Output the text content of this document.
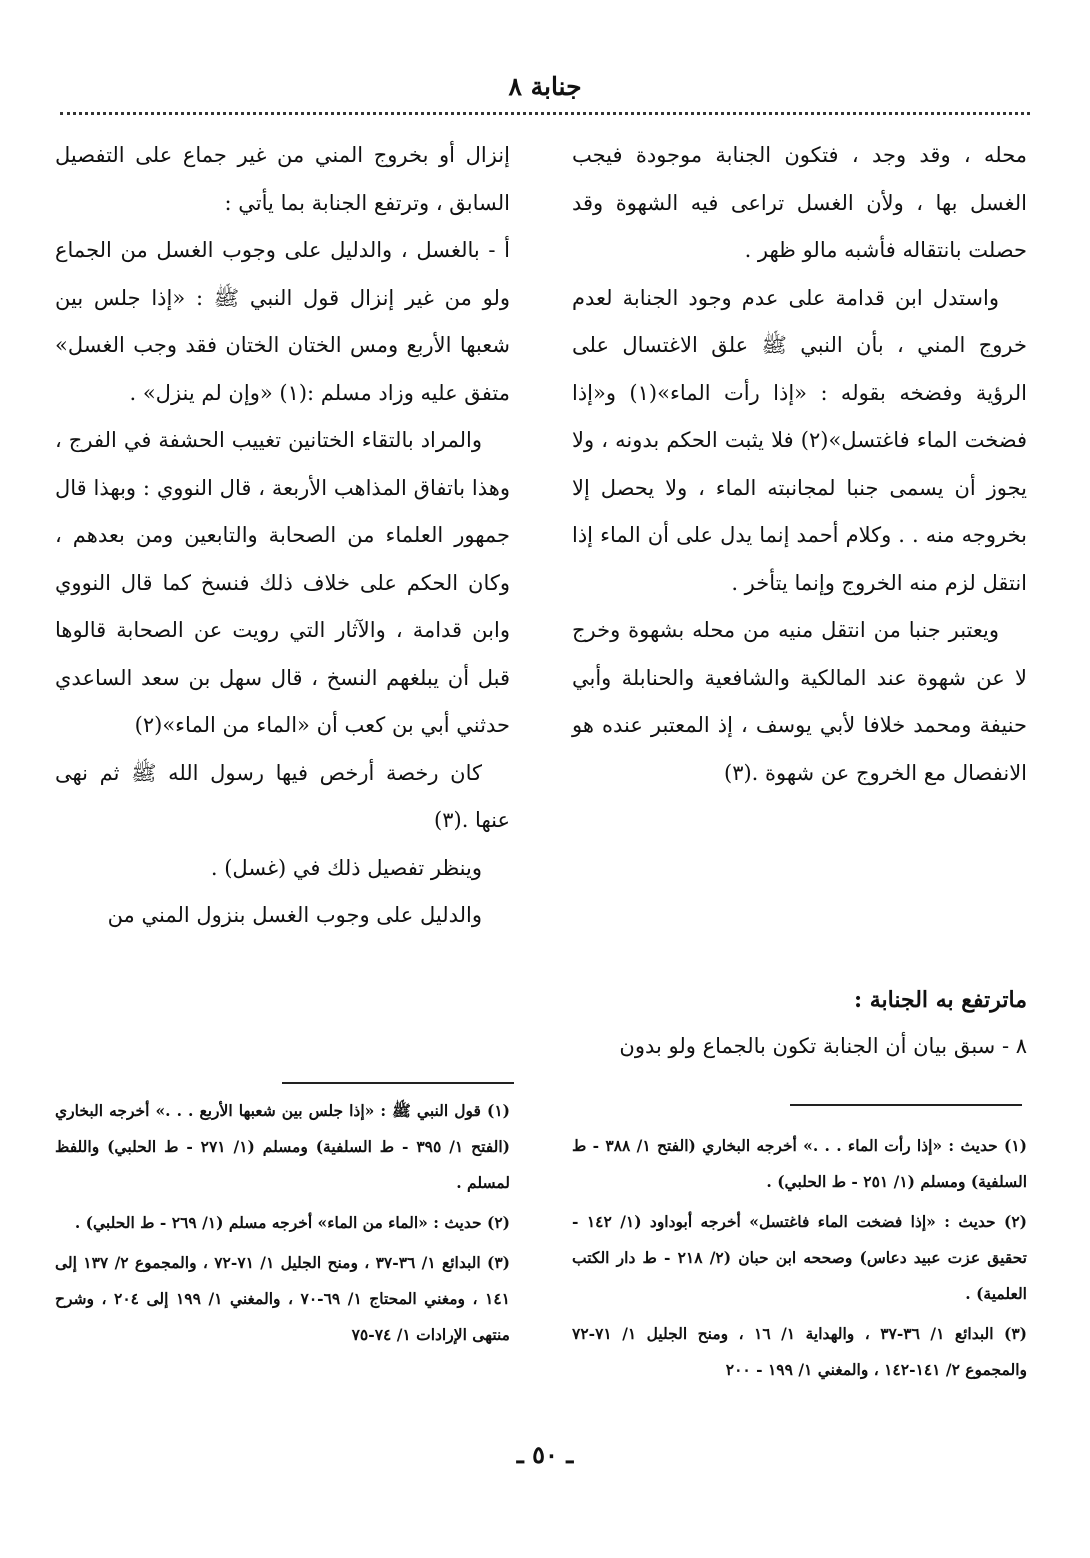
جنابة ٨

محله ، وقد وجد ، فتكون الجنابة موجودة فيجب الغسل بها ، ولأن الغسل تراعى فيه الشهوة وقد حصلت بانتقاله فأشبه مالو ظهر .

واستدل ابن قدامة على عدم وجود الجنابة لعدم خروج المني ، بأن النبي ﷺ علق الاغتسال على الرؤية وفضخه بقوله : «إذا رأت الماء»(١) و«إذا فضخت الماء فاغتسل»(٢) فلا يثبت الحكم بدونه ، ولا يجوز أن يسمى جنبا لمجانبته الماء ، ولا يحصل إلا بخروجه منه . . وكلام أحمد إنما يدل على أن الماء إذا انتقل لزم منه الخروج وإنما يتأخر .

ويعتبر جنبا من انتقل منيه من محله بشهوة وخرج لا عن شهوة عند المالكية والشافعية والحنابلة وأبي حنيفة ومحمد خلافا لأبي يوسف ، إذ المعتبر عنده هو الانفصال مع الخروج عن شهوة .(٣)

ماترتفع به الجنابة :
٨ - سبق بيان أن الجنابة تكون بالجماع ولو بدون

إنزال أو بخروج المني من غير جماع على التفصيل السابق ، وترتفع الجنابة بما يأتي :

أ - بالغسل ، والدليل على وجوب الغسل من الجماع ولو من غير إنزال قول النبي ﷺ : «إذا جلس بين شعبها الأربع ومس الختان الختان فقد وجب الغسل» متفق عليه وزاد مسلم :(١) «وإن لم ينزل» .

والمراد بالتقاء الختانين تغييب الحشفة في الفرج ، وهذا باتفاق المذاهب الأربعة ، قال النووي : وبهذا قال جمهور العلماء من الصحابة والتابعين ومن بعدهم ، وكان الحكم على خلاف ذلك فنسخ كما قال النووي وابن قدامة ، والآثار التي رويت عن الصحابة قالوها قبل أن يبلغهم النسخ ، قال سهل بن سعد الساعدي حدثني أبي بن كعب أن «الماء من الماء»(٢)

كان رخصة أرخص فيها رسول الله ﷺ ثم نهى عنها .(٣)

وينظر تفصيل ذلك في (غسل) .

والدليل على وجوب الغسل بنزول المني من

(١) حديث : «إذا رأت الماء . . .» أخرجه البخاري (الفتح ١/ ٣٨٨ - ط السلفية) ومسلم (١/ ٢٥١ - ط الحلبي) .

(٢) حديث : «إذا فضخت الماء فاغتسل» أخرجه أبوداود (١/ ١٤٢ - تحقيق عزت عبيد دعاس) وصححه ابن حبان (٢/ ٢١٨ - ط دار الكتب العلمية) .

(٣) البدائع ١/ ٣٦-٣٧ ، والهداية ١/ ١٦ ، ومنح الجليل ١/ ٧١-٧٢ والمجموع ٢/ ١٤١-١٤٢ ، والمغني ١/ ١٩٩ - ٢٠٠

(١) قول النبي ﷺ : «إذا جلس بين شعبها الأربع . . .» أخرجه البخاري (الفتح ١/ ٣٩٥ - ط السلفية) ومسلم (١/ ٢٧١ - ط الحلبي) واللفظ لمسلم .

(٢) حديث : «الماء من الماء» أخرجه مسلم (١/ ٢٦٩ - ط الحلبي) .

(٣) البدائع ١/ ٣٦-٣٧ ، ومنح الجليل ١/ ٧١-٧٢ ، والمجموع ٢/ ١٣٧ إلى ١٤١ ، ومغني المحتاج ١/ ٦٩-٧٠ ، والمغني ١/ ١٩٩ إلى ٢٠٤ ، وشرح منتهى الإرادات ١/ ٧٤-٧٥

ـ ٥٠ ـ
